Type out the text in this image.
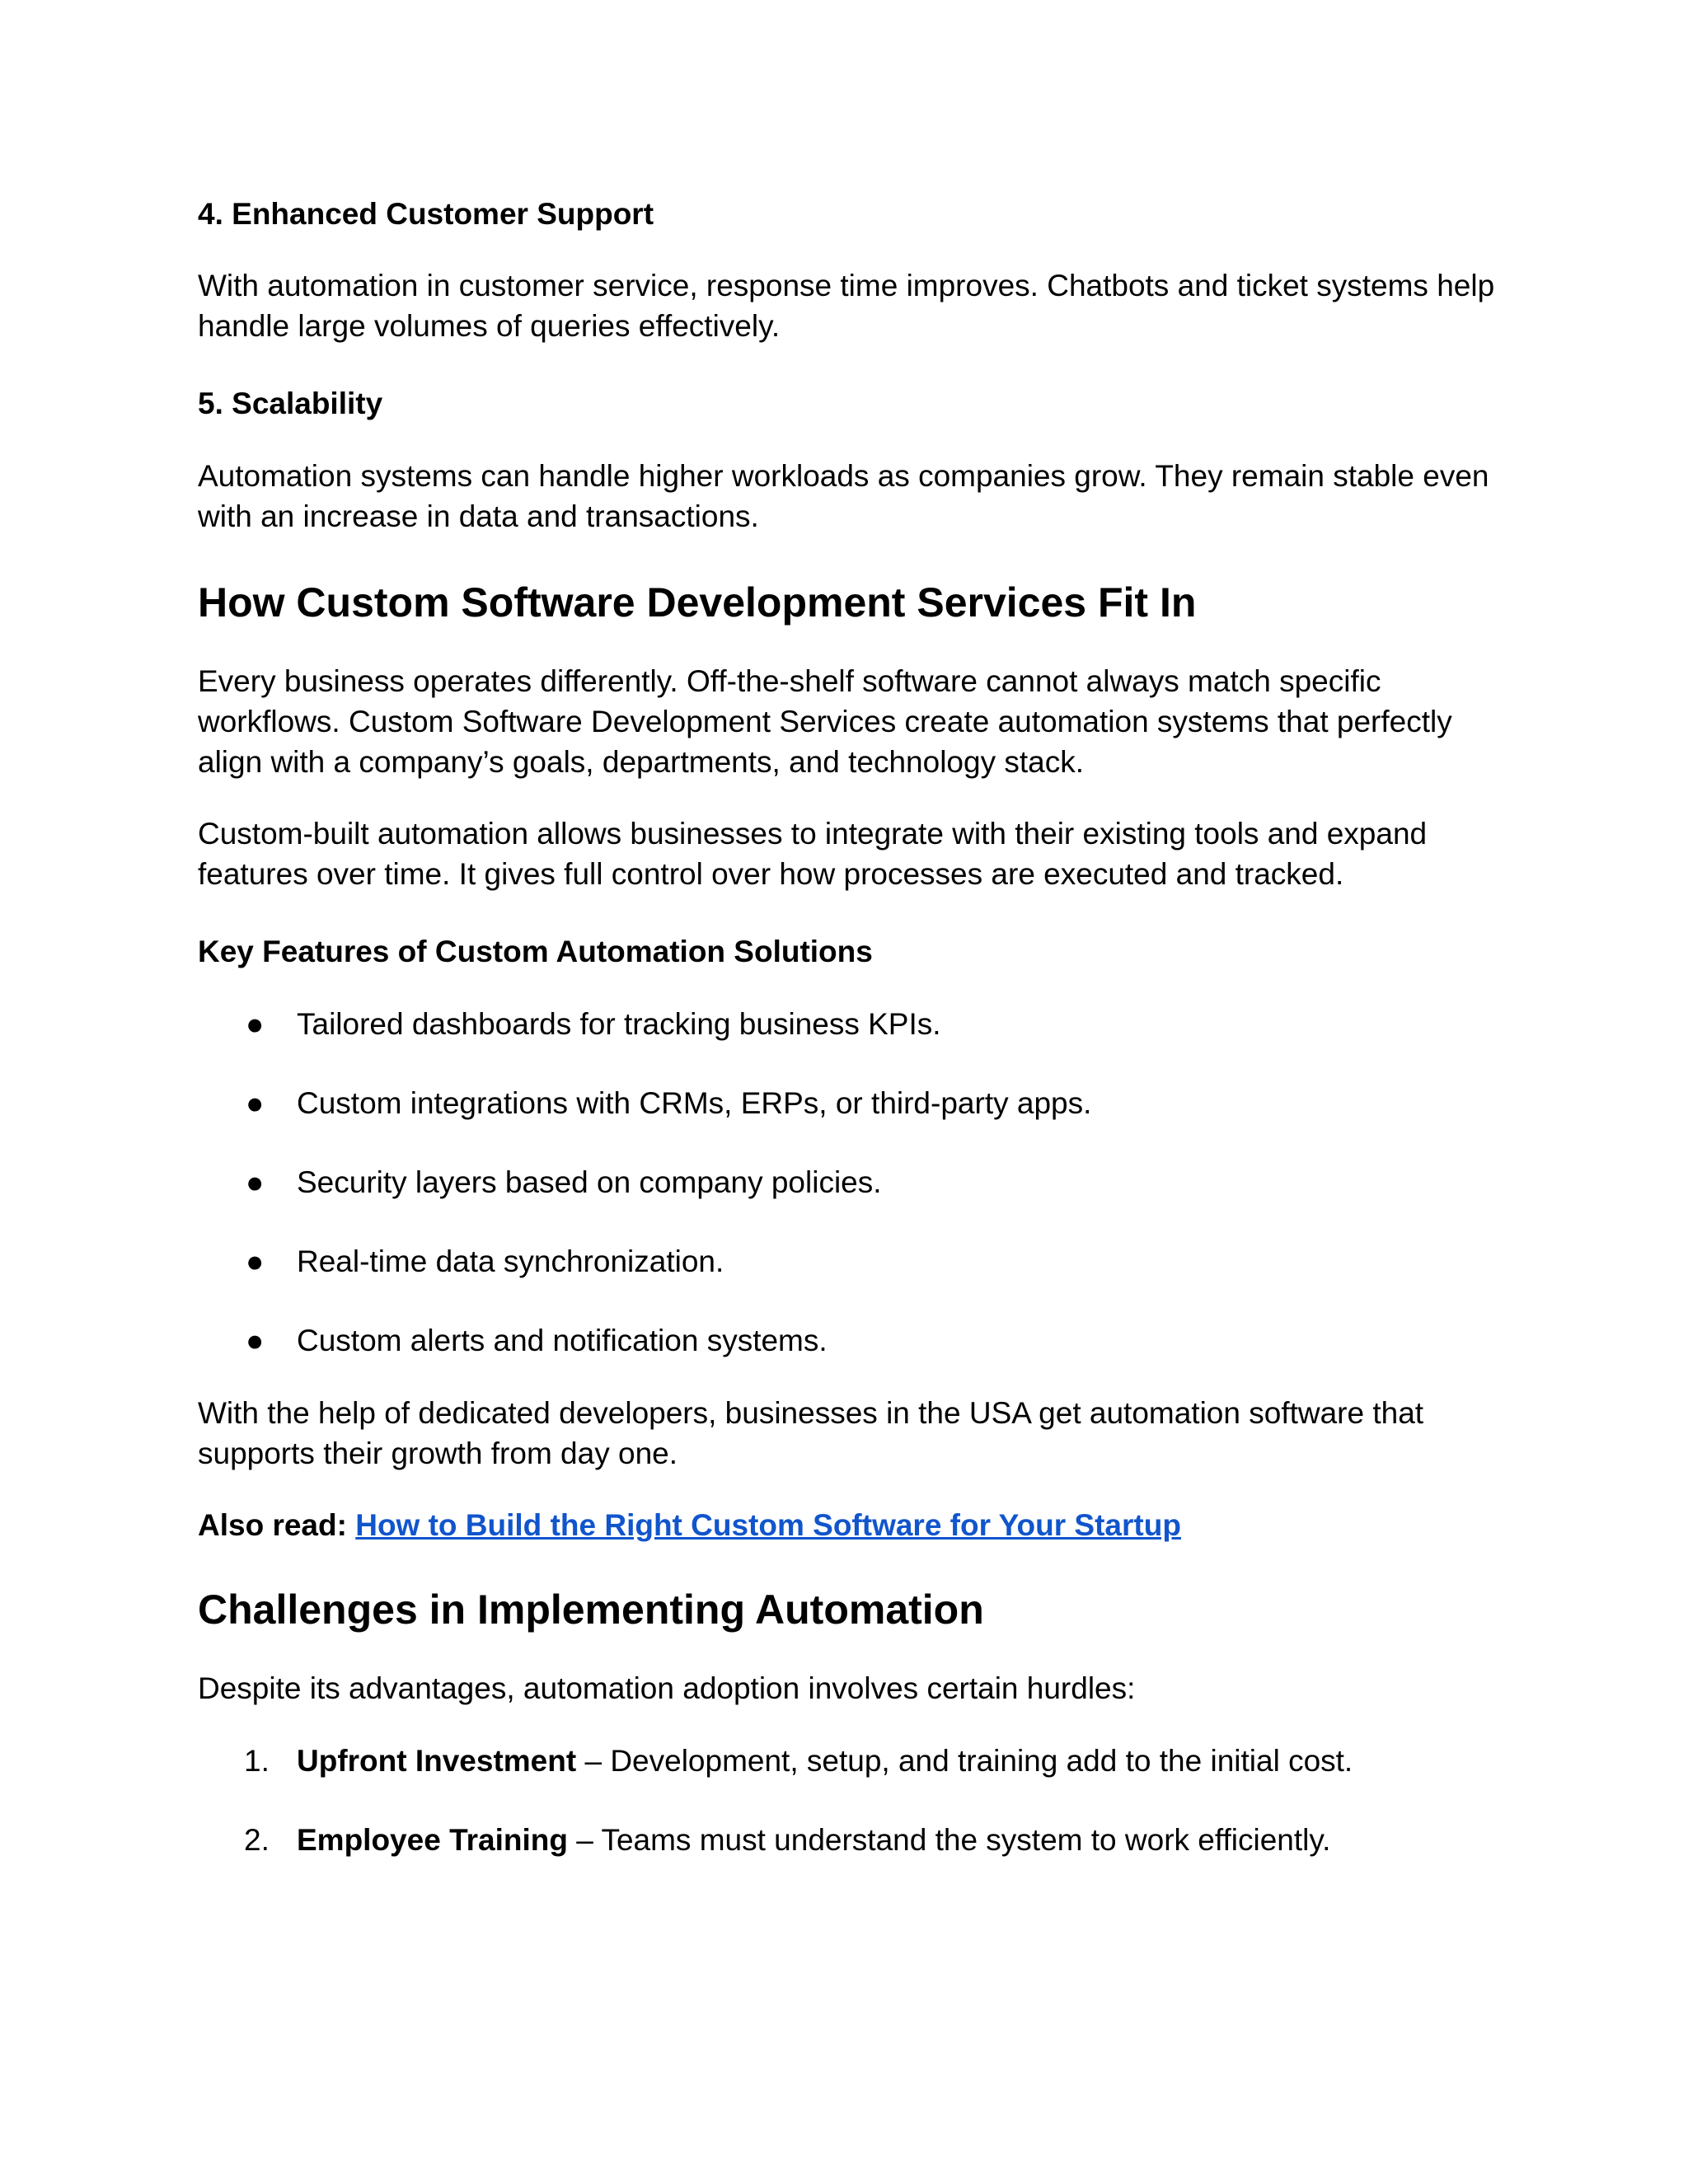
4. Enhanced Customer Support

With automation in customer service, response time improves. Chatbots and ticket systems help handle large volumes of queries effectively.

5. Scalability

Automation systems can handle higher workloads as companies grow. They remain stable even with an increase in data and transactions.

How Custom Software Development Services Fit In

Every business operates differently. Off-the-shelf software cannot always match specific workflows. Custom Software Development Services create automation systems that perfectly align with a company’s goals, departments, and technology stack.

Custom-built automation allows businesses to integrate with their existing tools and expand features over time. It gives full control over how processes are executed and tracked.

Key Features of Custom Automation Solutions
● Tailored dashboards for tracking business KPIs.
● Custom integrations with CRMs, ERPs, or third-party apps.
● Security layers based on company policies.
● Real-time data synchronization.
● Custom alerts and notification systems.

With the help of dedicated developers, businesses in the USA get automation software that supports their growth from day one.

Also read: How to Build the Right Custom Software for Your Startup

Challenges in Implementing Automation

Despite its advantages, automation adoption involves certain hurdles:

1. Upfront Investment – Development, setup, and training add to the initial cost.
2. Employee Training – Teams must understand the system to work efficiently.
